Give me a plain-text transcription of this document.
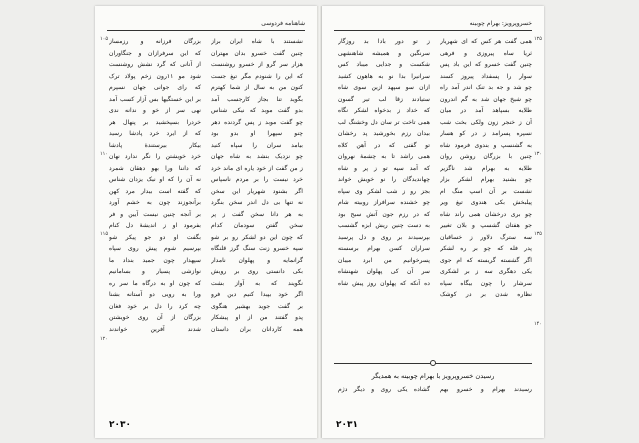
شاهنامه فردوسی
نشستند با شاه ایران براز
چنین گفت خسرو بدان مهتران
هزار سر گرو از خسرو روشنست
که این را شنودم مگر تیغ جست
کنون من به سال از شما کهترم
بگوید تنا بجاز کارجسب آمد
بدو گفت موبد که نیکی شناس
چو گفت موبد ز پس گردنده دهر
چنو سپهرا او بدو بود
بیامد سران را سپاه کنید
چو نزدیک بنشد به شاه جهان
ز من گفت از خود یاره ای ماند خرد
خرد نیست را بر مردم ناسپاس
اگر بشنود شهریار این سخن
نه تنها بی دل اندر سخن بنگرد
به هر دانا سخن گفت ز پر
سخن گفتن سودمان کدام
که چون این دو لشکر رو بر شو
سپه خسرو زنت سنگ گرز قلنگاه
گرانمایه و پهلوان نامدار
بکی دانستی روی بر رویش
نگویند که به آواز بشت
اگر خود بپیدا کنیم دین فرو
بر گفت جوید بهشیر هنگوی
پدو گفتند من از او پیشکار
همه کاردانان بران داستان
بزرگان فرزانه و رزمساز
که این سرفرازان و جنگاوران
از آنانی که گرد نشش روشنست
شود مو ۱۱رون زخم پولاد ترک
که رای جوانی جهان نسپرم
بر این خستگیها بس آزار کسب آمد
نهی سر از خو و ندانه ندی
خردرا بسپخشید بر پنهال هر
که از ایرد خرد پادشا رسید
بیکار بیرستندهٔ پادشا
خرد خویشتن را نگر ندارد نهان
که داننا ورا بهو دهقان شمرد
نه آن را که او نیک یزدان شناس
که گفته است بیدار مرد کهن
برآنجوزند چون به خشم آورد
بر آنجه چنین نیست آیین و فر
بفرمود او ز اندیشهٔ دل کنام
بگفت او دو جو پیکر شو
بپرسیم شوم پیش روی سپاه
سپهدار چون جمید بنداد ما
نوازشی پسیار و بسامانیم
که چون او به درگاه ما سر ره
ورا به رویی دو آستانه بشنا
چه کرد را دل بر خود فغان
بزرگان از آن روی خویشتن
شدند آفرین خواندند
۱۰۵
۱۱۰
۱۱۵
۱۲۰
۲۰۳۰
خسروپرویز: بهرام چوبینه
همی گفت هر کس که ای شهریار
ثریا ساه پیروزی و فرهی
چنین گفت خسرو که این باد پس
سوار را پسفداد پیروز کسند
چو شد و جه بد تنک اندر آمد راه
چو شیخ جهان شد به گم اندرون
طلایه بسپاهد آمد در میان
آن ز خنجر زون ولکی بخت شب
نسپره پسرامد ز در کو هسار
به گشنسپ و بندوی فرمود شاه
چنین با بزرگان روشن روان
طلایه به بهرام شد ناگزیر
چو بشنید بهرام لشکر بزار
نشست بر آن اسپ منگ ام
پیلبخش بکی هندوی تیغ ویر
چو بری درخشان همی راند شاه
جو هفتان گشسپ و بلان تغییر
سه سترگ دلاور ز خساقیان
پدر فله که چو بر ره لشکر
اگر گشسته گریسته که ام جوی
یکی دهگری سه ز بر لشکری
سرشار را چون بیگاه سپاه
نظاره شدن بر در کوشک
ز تو دور بادا بد روزگار
سرنگین و همیشه شاهنشهی
شکست و جدایی میباد کس
سرانیرا بدا نو به هاهون کشید
ازان سو سپهد ازین سوی شاه
ستیادند زقا لب تیر گسون
که خداد ز بدخواه لشکر نگاه
همی تاخت تر سان دل وخشنگ لب
بیدان رزم بخورشید پد رخشان
تو گفتی که در آهن کلاه
همی راشد تا به چشمهٔ نهروان
که آمد سپه تو ز پر و شاه
چهاندیدگان را نو خویش خواند
بجز رو ز شب لشکر وی سپاه
چو خشنده سرافراز روبیته شام
که در رزم جون آتش سیح بود
به دست چنین ریش ابزه گشسب
بپرسیدند بر روی و دل پرسید
سراران کسن بهرام برسسته
پسرخوانیم من ابرد میبان
سر آن کی پهلوان شهنشاه
ده آنکه که پهلوان روز پیش شاه
۱۲۵
۱۳۰
۱۳۵
۱۴۰
رسیدن خسروپرویز با بهرام چوبینه به همدیگر
رسیدند بهرام و خسرو بهم
گشاده یکی روی و دیگر دژم
۲۰۳۱
